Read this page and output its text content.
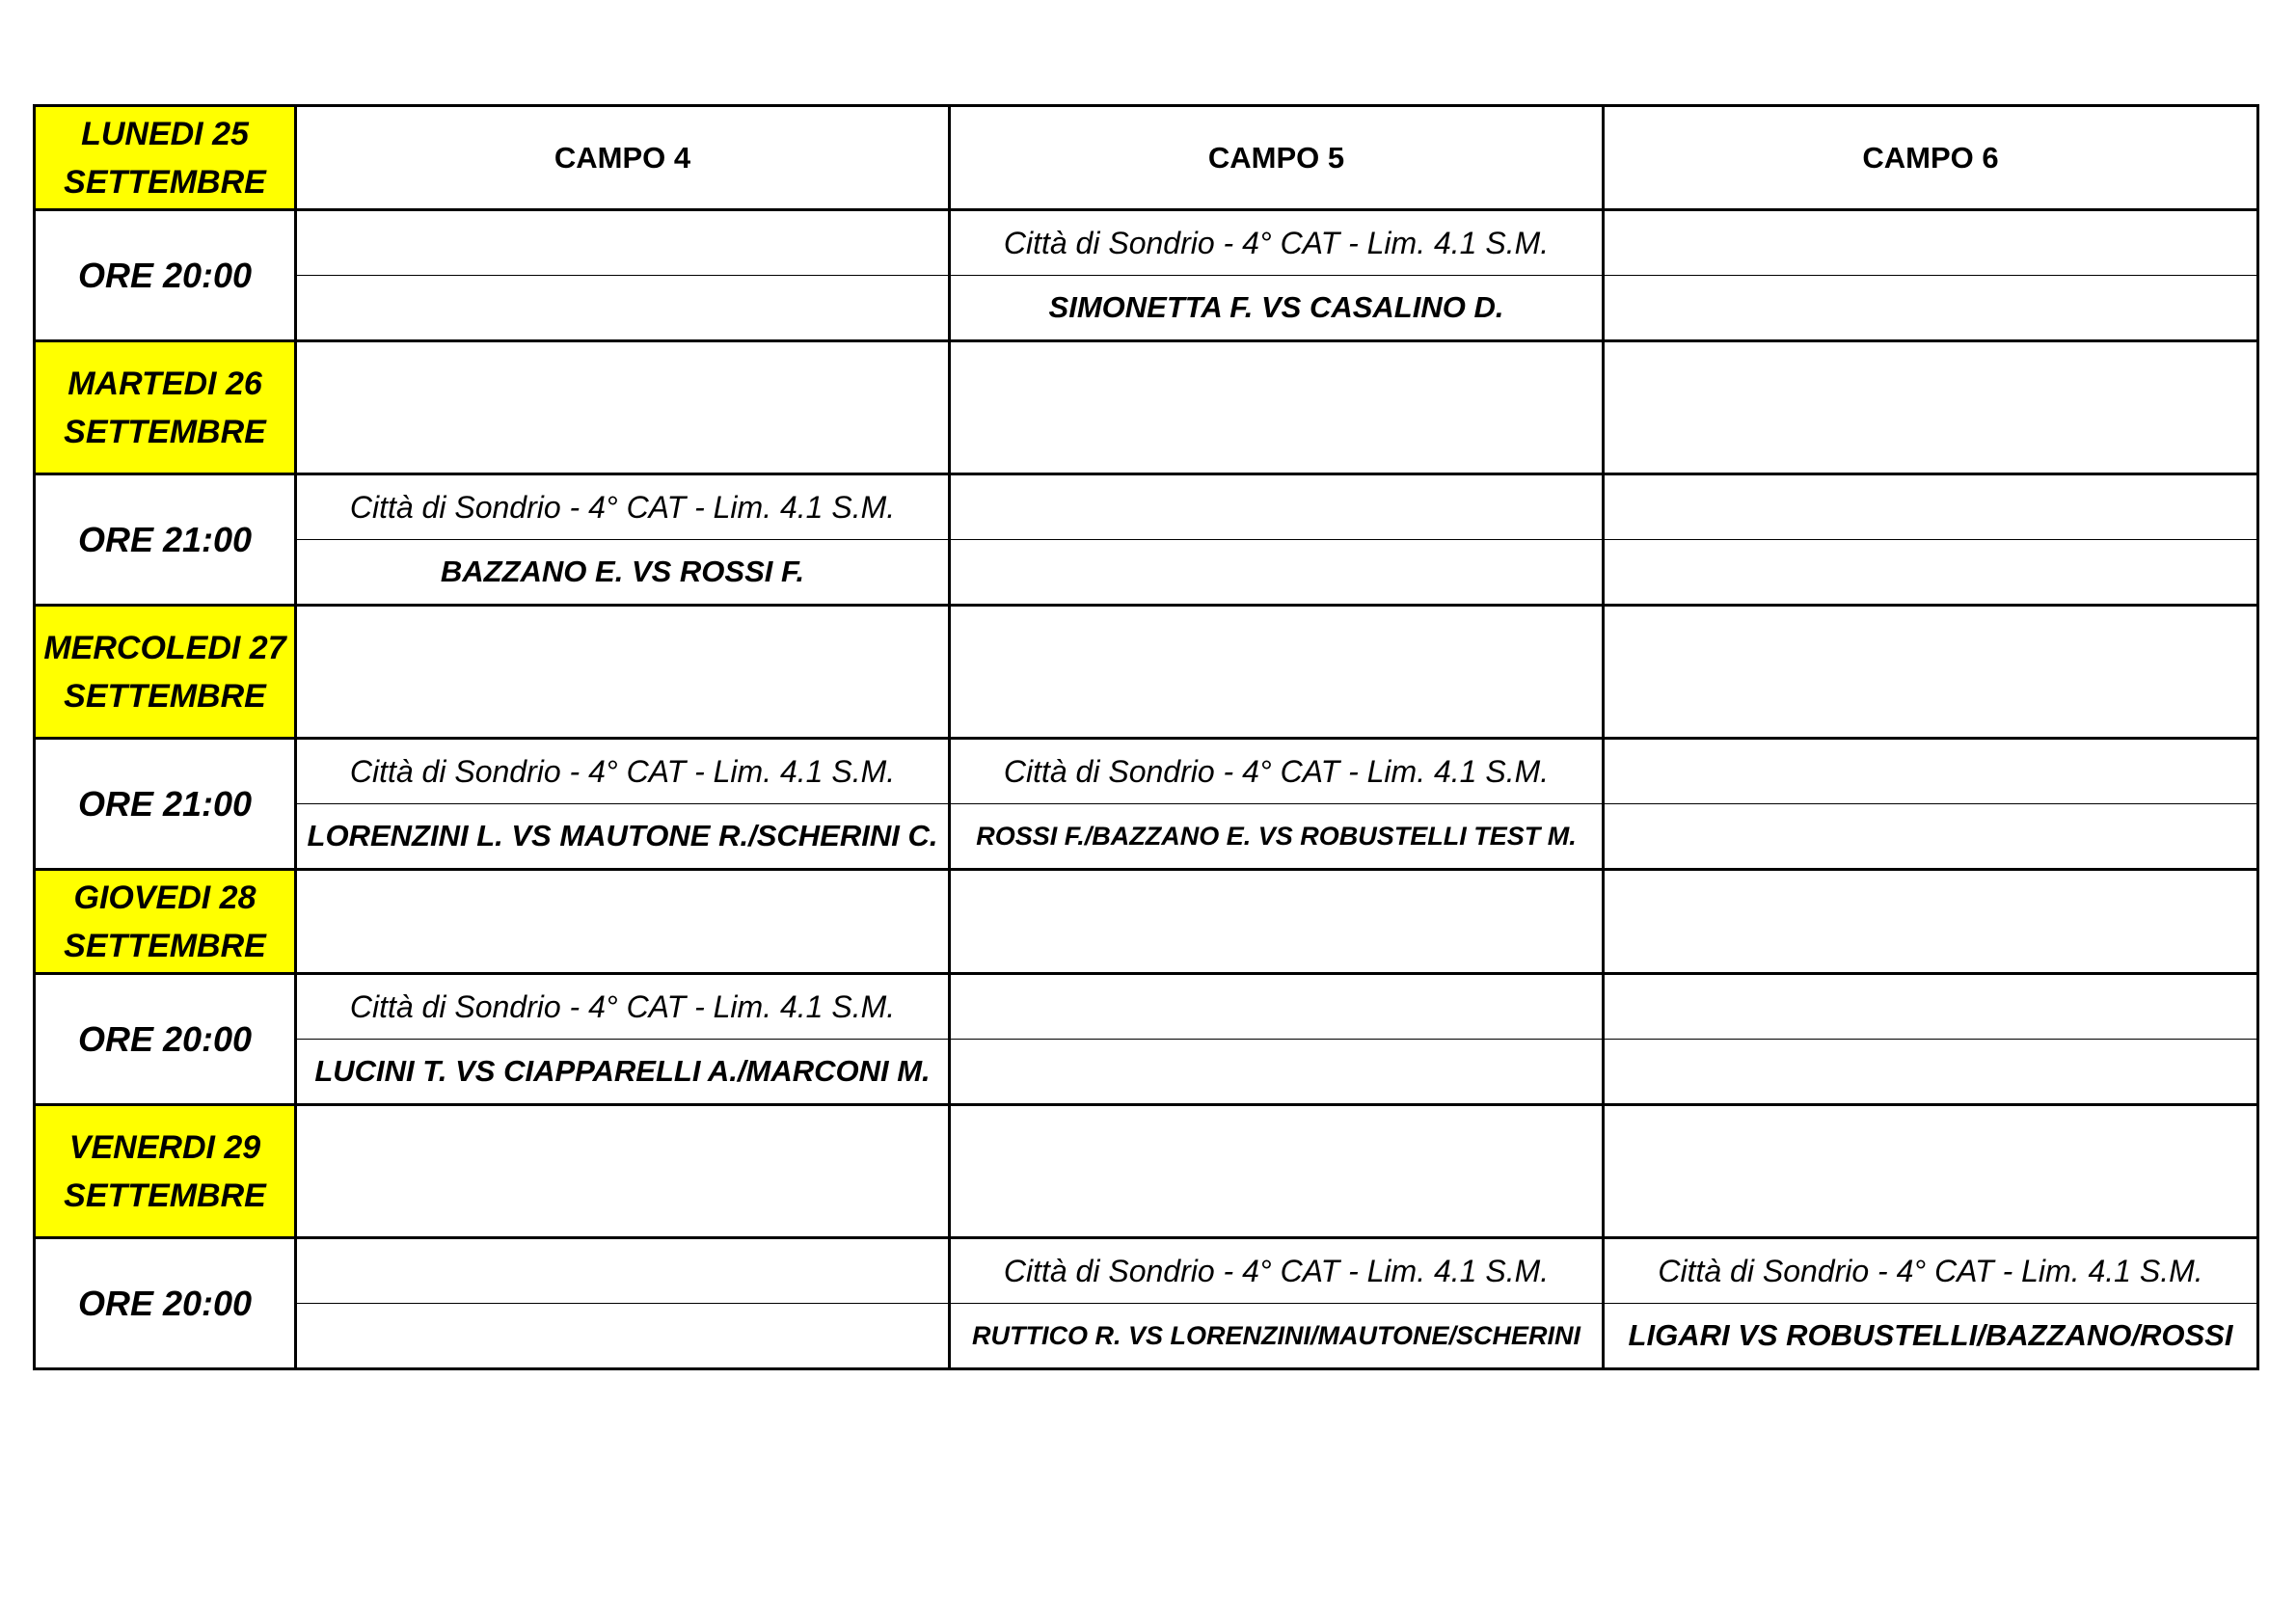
LUNEDI 25
SETTEMBRE	CAMPO 4	CAMPO 5	CAMPO 6
ORE 20:00		Città di Sondrio - 4° CAT - Lim. 4.1 S.M.	
		SIMONETTA F. VS CASALINO D.	

MARTEDI 26
SETTEMBRE			

ORE 21:00	Città di Sondrio - 4° CAT - Lim. 4.1 S.M.		
	BAZZANO E. VS ROSSI F.		

MERCOLEDI 27
SETTEMBRE			

ORE 21:00	Città di Sondrio - 4° CAT - Lim. 4.1 S.M.	Città di Sondrio - 4° CAT - Lim. 4.1 S.M.	
	LORENZINI L. VS MAUTONE R./SCHERINI C.	ROSSI F./BAZZANO E. VS ROBUSTELLI TEST M.	

GIOVEDI 28
SETTEMBRE			

ORE 20:00	Città di Sondrio - 4° CAT - Lim. 4.1 S.M.		
	LUCINI T. VS CIAPPARELLI A./MARCONI M.		

VENERDI 29
SETTEMBRE			

ORE 20:00		Città di Sondrio - 4° CAT - Lim. 4.1 S.M.	Città di Sondrio - 4° CAT - Lim. 4.1 S.M.
		RUTTICO R. VS LORENZINI/MAUTONE/SCHERINI	LIGARI VS ROBUSTELLI/BAZZANO/ROSSI
